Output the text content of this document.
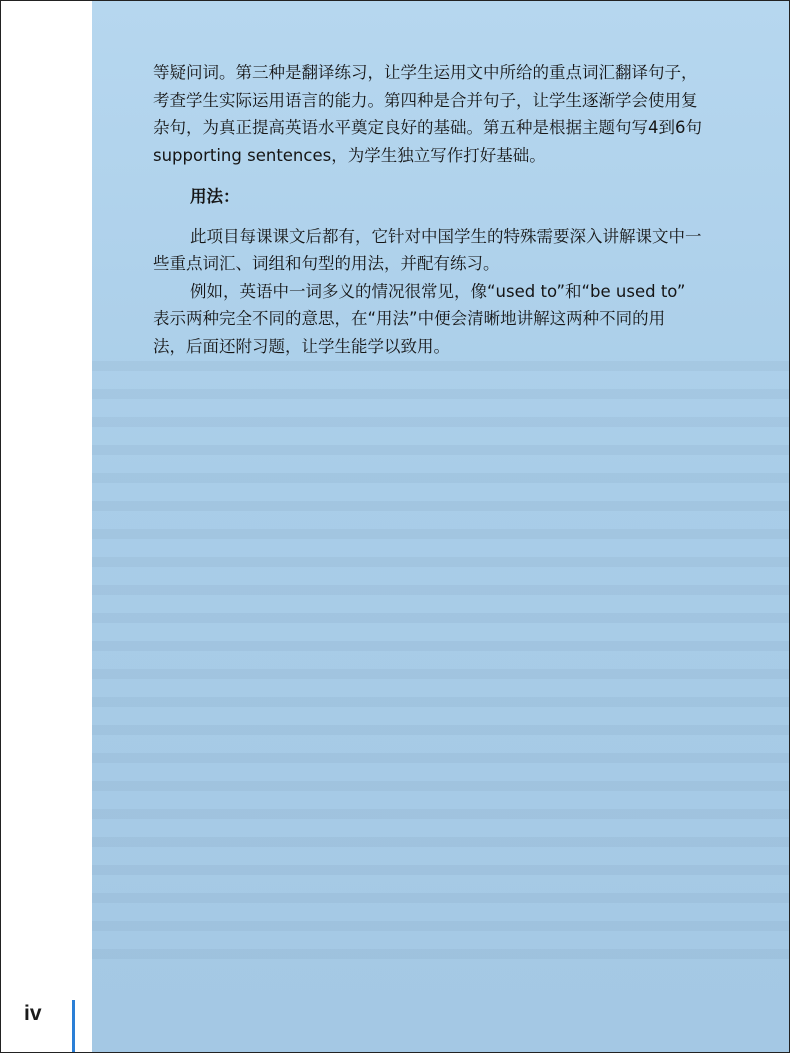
iv

等疑问词。第三种是翻译练习，让学生运用文中所给的重点词汇翻译句子，
考查学生实际运用语言的能力。第四种是合并句子，让学生逐渐学会使用复
杂句，为真正提高英语水平奠定良好的基础。第五种是根据主题句写4到6句
supporting sentences，为学生独立写作打好基础。

用法：

此项目每课课文后都有，它针对中国学生的特殊需要深入讲解课文中一
些重点词汇、词组和句型的用法，并配有练习。

例如，英语中一词多义的情况很常见，像“used to”和“be used to”
表示两种完全不同的意思，在“用法”中便会清晰地讲解这两种不同的用
法，后面还附习题，让学生能学以致用。
